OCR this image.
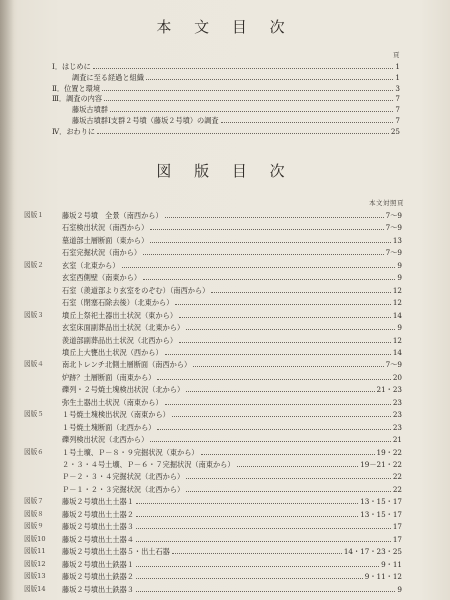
本 文 目 次
頁
Ⅰ．はじめに	1
調査に至る経過と組織	1
Ⅱ．位置と環境	3
Ⅲ．調査の内容	7
藤坂古墳群	7
藤坂古墳群Ⅰ支群２号墳（藤坂２号墳）の調査	7
Ⅳ．おわりに	25
図 版 目 次
本文対照頁
図版１	藤坂２号墳　全景（南西から）	7～9
石室検出状況（南西から）	7～9
墓道部土層断面（東から）	13
石室完掘状況（南から）	7～9
図版２	玄室（北東から）	9
玄室西側壁（南東から）	9
石室（羨道部より玄室をのぞむ）（南西から）	12
石室（閉塞石除去後）（北東から）	12
図版３	墳丘上祭祀土器出土状況（東から）	14
玄室床面副葬品出土状況（北東から）	9
羨道部副葬品出土状況（北西から）	12
墳丘上大甕出土状況（西から）	14
図版４	南北トレンチ北側土層断面（南西から）	7～9
炉跡？土層断面（南東から）	20
礫列・２号焼土塊検出状況（北から）	21・23
弥生土器出土状況（南東から）	23
図版５	１号焼土塊検出状況（南東から）	23
１号焼土塊断面（北西から）	23
礫列検出状況（北西から）	21
図版６	１号土壙、Ｐ－８・９完掘状況（東から）	19・22
２・３・４号土壙、Ｐ－６・７完掘状況（南東から）	19－21・22
Ｐ－２・３・４完掘状況（北西から）	22
Ｐ－１・２・３完掘状況（北西から）	22
図版７	藤坂２号墳出土土器１	13・15・17
図版８	藤坂２号墳出土土器２	13・15・17
図版９	藤坂２号墳出土土器３	17
図版10 藤坂２号墳出土土器４	17
図版11 藤坂２号墳出土土器５・出土石器	14・17・23・25
図版12 藤坂２号墳出土鉄器１	9・11
図版13 藤坂２号墳出土鉄器２	9・11・12
図版14 藤坂２号墳出土鉄器３	9
